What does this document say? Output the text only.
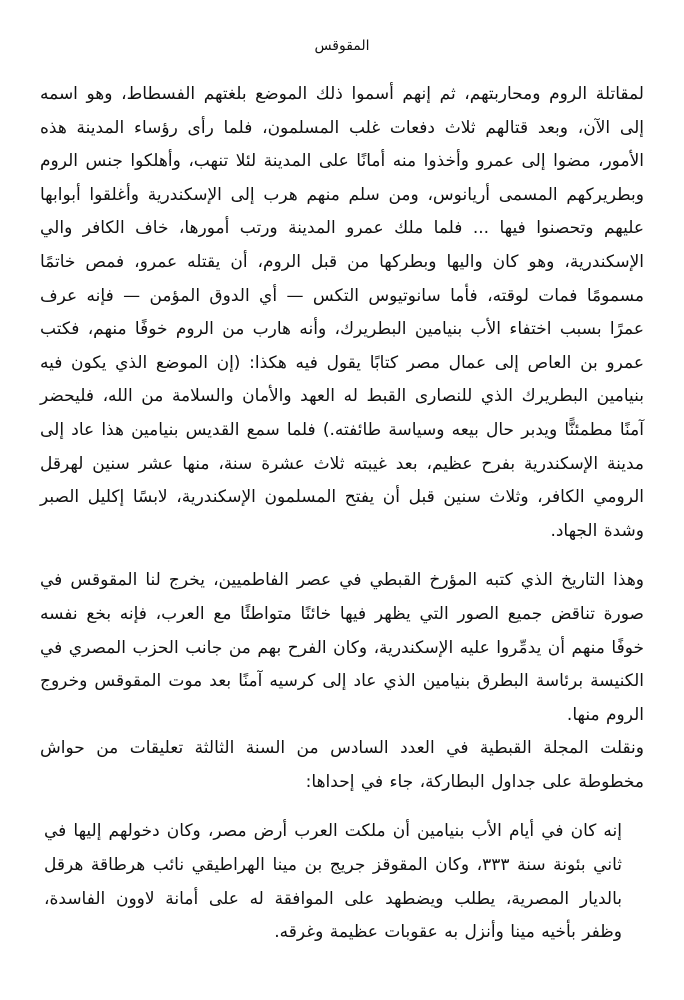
المقوقس

لمقاتلة الروم ومحاربتهم، ثم إنهم أسموا ذلك الموضع بلغتهم الفسطاط، وهو اسمه إلى الآن، وبعد قتالهم ثلاث دفعات غلب المسلمون، فلما رأى رؤساء المدينة هذه الأمور، مضوا إلى عمرو وأخذوا منه أمانًا على المدينة لئلا تنهب، وأهلكوا جنس الروم وبطريركهم المسمى أريانوس، ومن سلم منهم هرب إلى الإسكندرية وأغلقوا أبوابها عليهم وتحصنوا فيها ... فلما ملك عمرو المدينة ورتب أمورها، خاف الكافر والي الإسكندرية، وهو كان واليها وبطركها من قبل الروم، أن يقتله عمرو، فمص خاتمًا مسمومًا فمات لوقته، فأما سانوتيوس التكس — أي الدوق المؤمن — فإنه عرف عمرًا بسبب اختفاء الأب بنيامين البطريرك، وأنه هارب من الروم خوفًا منهم، فكتب عمرو بن العاص إلى عمال مصر كتابًا يقول فيه هكذا: (إن الموضع الذي يكون فيه بنيامين البطريرك الذي للنصارى القبط له العهد والأمان والسلامة من الله، فليحضر آمنًا مطمئنًّا ويدبر حال بيعه وسياسة طائفته.) فلما سمع القديس بنيامين هذا عاد إلى مدينة الإسكندرية بفرح عظيم، بعد غيبته ثلاث عشرة سنة، منها عشر سنين لهرقل الرومي الكافر، وثلاث سنين قبل أن يفتح المسلمون الإسكندرية، لابسًا إكليل الصبر وشدة الجهاد.

وهذا التاريخ الذي كتبه المؤرخ القبطي في عصر الفاطميين، يخرج لنا المقوقس في صورة تناقض جميع الصور التي يظهر فيها خائنًا متواطئًا مع العرب، فإنه بخع نفسه خوفًا منهم أن يدمِّروا عليه الإسكندرية، وكان الفرح بهم من جانب الحزب المصري في الكنيسة برئاسة البطرق بنيامين الذي عاد إلى كرسيه آمنًا بعد موت المقوقس وخروج الروم منها.

ونقلت المجلة القبطية في العدد السادس من السنة الثالثة تعليقات من حواش مخطوطة على جداول البطاركة، جاء في إحداها:

إنه كان في أيام الأب بنيامين أن ملكت العرب أرض مصر، وكان دخولهم إليها في ثاني بئونة سنة ٣٣٣، وكان المقوقز جريج بن مينا الهراطيقي نائب هرطاقة هرقل بالديار المصرية، يطلب ويضطهد على الموافقة له على أمانة لاوون الفاسدة، وظفر بأخيه مينا وأنزل به عقوبات عظيمة وغرقه.
